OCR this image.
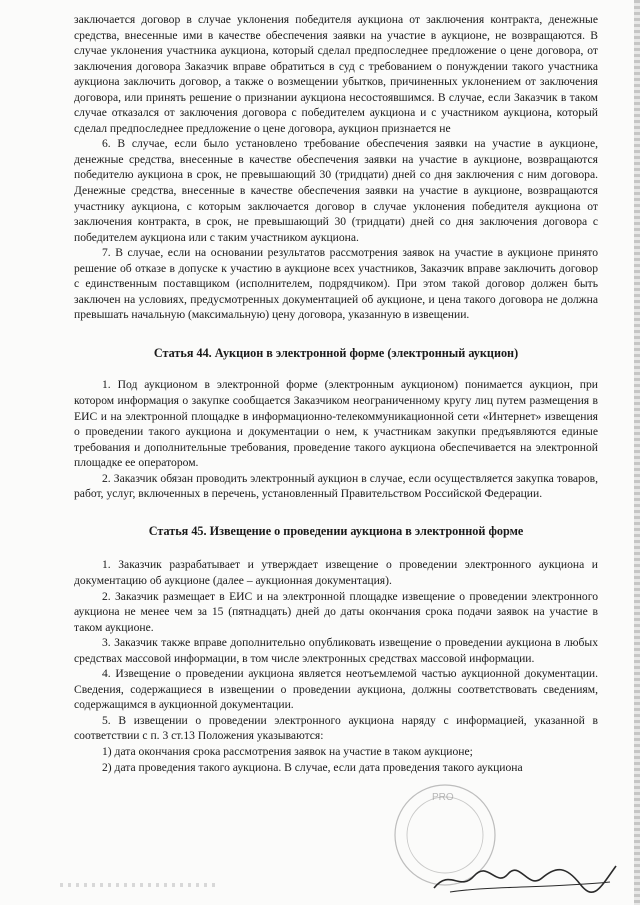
заключается договор в случае уклонения победителя аукциона от заключения контракта, денежные средства, внесенные ими в качестве обеспечения заявки на участие в аукционе, не возвращаются. В случае уклонения участника аукциона, который сделал предпоследнее предложение о цене договора, от заключения договора Заказчик вправе обратиться в суд с требованием о понуждении такого участника аукциона заключить договор, а также о возмещении убытков, причиненных уклонением от заключения договора, или принять решение о признании аукциона несостоявшимся. В случае, если Заказчик в таком случае отказался от заключения договора с победителем аукциона и с участником аукциона, который сделал предпоследнее предложение о цене договора, аукцион признается не

6. В случае, если было установлено требование обеспечения заявки на участие в аукционе, денежные средства, внесенные в качестве обеспечения заявки на участие в аукционе, возвращаются победителю аукциона в срок, не превышающий 30 (тридцати) дней со дня заключения с ним договора. Денежные средства, внесенные в качестве обеспечения заявки на участие в аукционе, возвращаются участнику аукциона, с которым заключается договор в случае уклонения победителя аукциона от заключения контракта, в срок, не превышающий 30 (тридцати) дней со дня заключения договора с победителем аукциона или с таким участником аукциона.

7. В случае, если на основании результатов рассмотрения заявок на участие в аукционе принято решение об отказе в допуске к участию в аукционе всех участников, Заказчик вправе заключить договор с единственным поставщиком (исполнителем, подрядчиком). При этом такой договор должен быть заключен на условиях, предусмотренных документацией об аукционе, и цена такого договора не должна превышать начальную (максимальную) цену договора, указанную в извещении.

Статья 44. Аукцион в электронной форме (электронный аукцион)

1. Под аукционом в электронной форме (электронным аукционом) понимается аукцион, при котором информация о закупке сообщается Заказчиком неограниченному кругу лиц путем размещения в ЕИС и на электронной площадке в информационно-телекоммуникационной сети «Интернет» извещения о проведении такого аукциона и документации о нем, к участникам закупки предъявляются единые требования и дополнительные требования, проведение такого аукциона обеспечивается на электронной площадке ее оператором.

2. Заказчик обязан проводить электронный аукцион в случае, если осуществляется закупка товаров, работ, услуг, включенных в перечень, установленный Правительством Российской Федерации.

Статья 45. Извещение о проведении аукциона в электронной форме

1. Заказчик разрабатывает и утверждает извещение о проведении электронного аукциона и документацию об аукционе (далее – аукционная документация).

2. Заказчик размещает в ЕИС и на электронной площадке извещение о проведении электронного аукциона не менее чем за 15 (пятнадцать) дней до даты окончания срока подачи заявок на участие в таком аукционе.

3. Заказчик также вправе дополнительно опубликовать извещение о проведении аукциона в любых средствах массовой информации, в том числе электронных средствах массовой информации.

4. Извещение о проведении аукциона является неотъемлемой частью аукционной документации. Сведения, содержащиеся в извещении о проведении аукциона, должны соответствовать сведениям, содержащимся в аукционной документации.

5. В извещении о проведении электронного аукциона наряду с информацией, указанной в соответствии с п. 3 ст.13 Положения указываются:

1) дата окончания срока рассмотрения заявок на участие в таком аукционе;
2) дата проведения такого аукциона. В случае, если дата проведения такого аукциона
PRO
